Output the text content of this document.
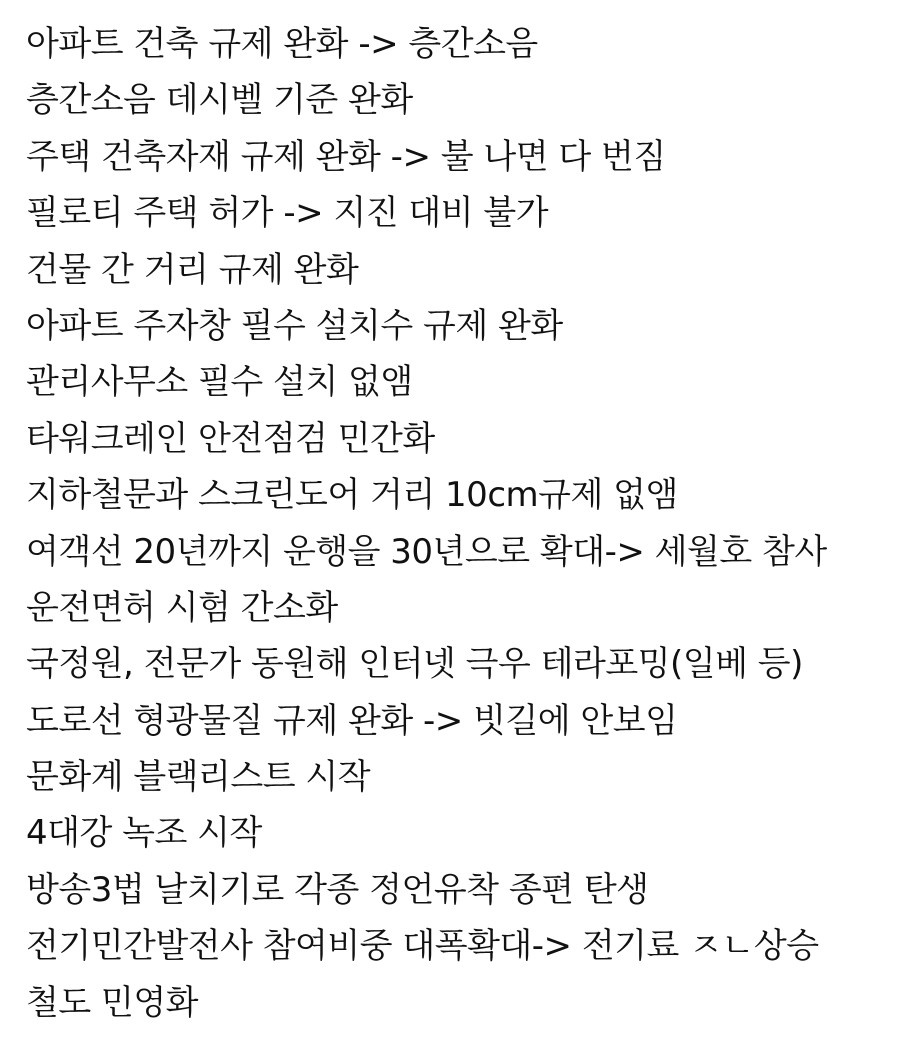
아파트 건축 규제 완화 -> 층간소음
층간소음 데시벨 기준 완화
주택 건축자재 규제 완화 -> 불 나면 다 번짐
필로티 주택 허가 -> 지진 대비 불가
건물 간 거리 규제 완화
아파트 주자창 필수 설치수 규제 완화
관리사무소 필수 설치 없앰
타워크레인 안전점검 민간화
지하철문과 스크린도어 거리 10cm규제 없앰
여객선 20년까지 운행을 30년으로 확대-> 세월호 참사
운전면허 시험 간소화
국정원, 전문가 동원해 인터넷 극우 테라포밍(일베 등)
도로선 형광물질 규제 완화 -> 빗길에 안보임
문화계 블랙리스트 시작
4대강 녹조 시작
방송3법 날치기로 각종 정언유착 종편 탄생
전기민간발전사 참여비중 대폭확대-> 전기료 ㅈㄴ상승
철도 민영화
